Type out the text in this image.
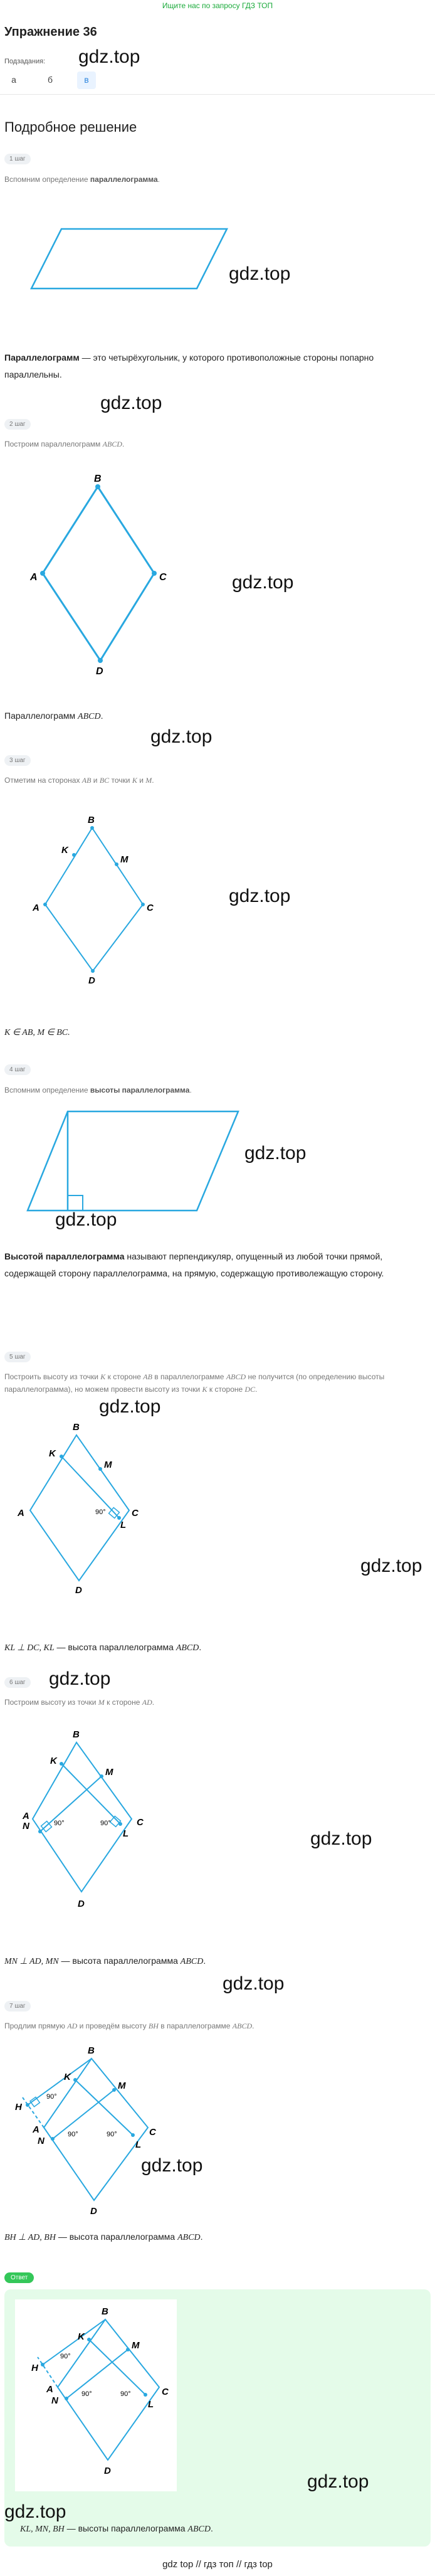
Ищите нас по запросу ГДЗ ТОП
Упражнение 36
gdz.top
Подзадания:
а	б	в
Подробное решение
1 шаг
Вспомним определение параллелограмма.
gdz.top
Параллелограмм — это четырёхугольник, у которого противоположные стороны попарно параллельны.
gdz.top
2 шаг
Построим параллелограмм ABCD.
B
C
D
A	gdz.top
Параллелограмм ABCD.
gdz.top
3 шаг
Отметим на сторонах AB и BC точки K и M.
B
C
D
A
K
M
gdz.top
K ∈ AB, M ∈ BC.
4 шаг
Вспомним определение высоты параллелограмма.
gdz.top
gdz.top
Высотой параллелограмма называют перпендикуляр, опущенный из любой точки прямой, содержащей сторону параллелограмма, на прямую, содержащую противолежащую сторону.
5 шаг
Построить высоту из точки K к стороне AB в параллелограмме ABCD не получится (по определению высоты параллелограмма), но можем провести высоту из точки K к стороне DC.
gdz.top
B
K
M
C
L
A
D
90°
gdz.top
KL ⊥ DC, KL — высота параллелограмма ABCD.
6 шаг gdz.top
Построим высоту из точки M к стороне AD.
B
K
M
C
L
A
N
D
90°	90°
gdz.top
MN ⊥ AD, MN — высота параллелограмма ABCD.
gdz.top
7 шаг
Продлим прямую AD и проведём высоту BH в параллелограмме ABCD.
B
K
M
H
C
L
A
N
D
90°
90°	90°
gdz.top
BH ⊥ AD, BH — высота параллелограмма ABCD.
Ответ
B
K
M
H
C
L
A
N
D
90°
90°	90°
gdz.top
gdz.top
KL, MN, BH — высоты параллелограмма ABCD.
gdz top // гдз топ // гдз top
